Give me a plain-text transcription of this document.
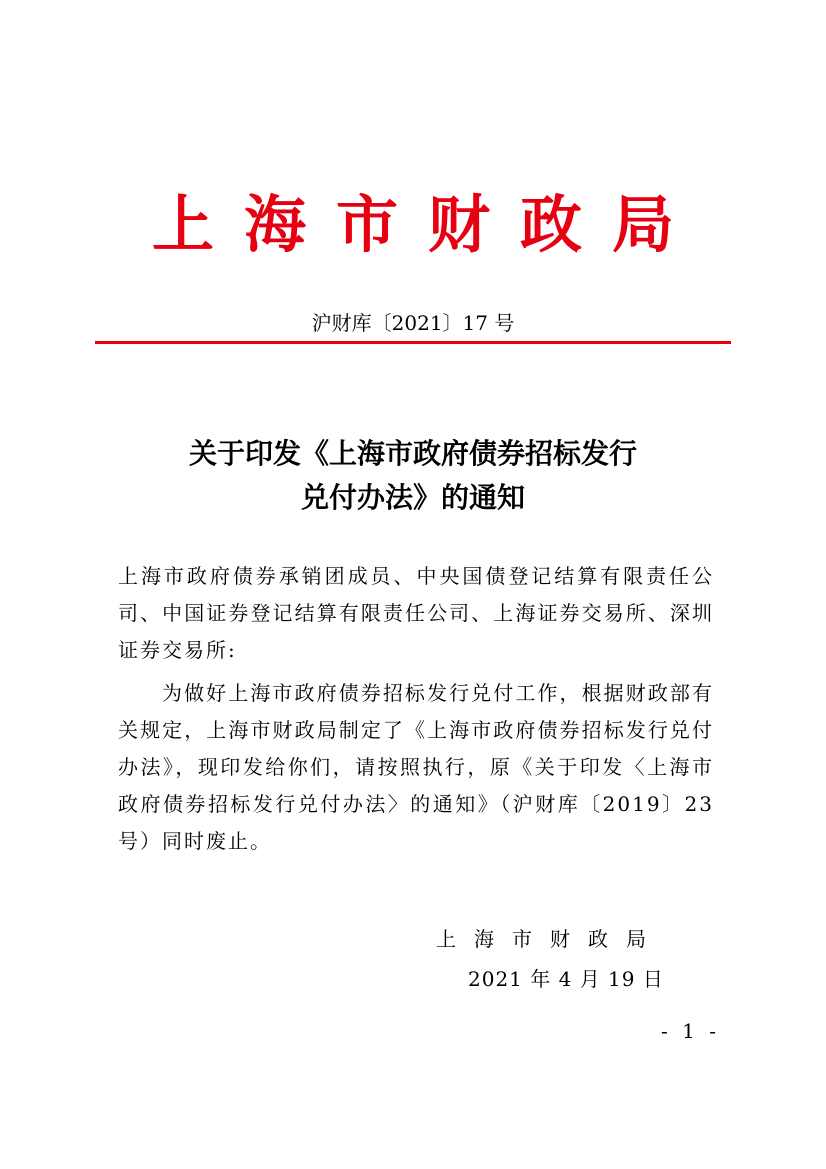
上海市财政局
沪财库〔2021〕17 号
关于印发《上海市政府债券招标发行
兑付办法》的通知

上海市政府债券承销团成员、中央国债登记结算有限责任公司、中国证券登记结算有限责任公司、上海证券交易所、深圳证券交易所:

为做好上海市政府债券招标发行兑付工作，根据财政部有关规定，上海市财政局制定了《上海市政府债券招标发行兑付办法》，现印发给你们，请按照执行，原《关于印发〈上海市政府债券招标发行兑付办法〉的通知》（沪财库〔2019〕23 号）同时废止。

上海市财政局
2021 年 4 月 19 日
- 1 -
